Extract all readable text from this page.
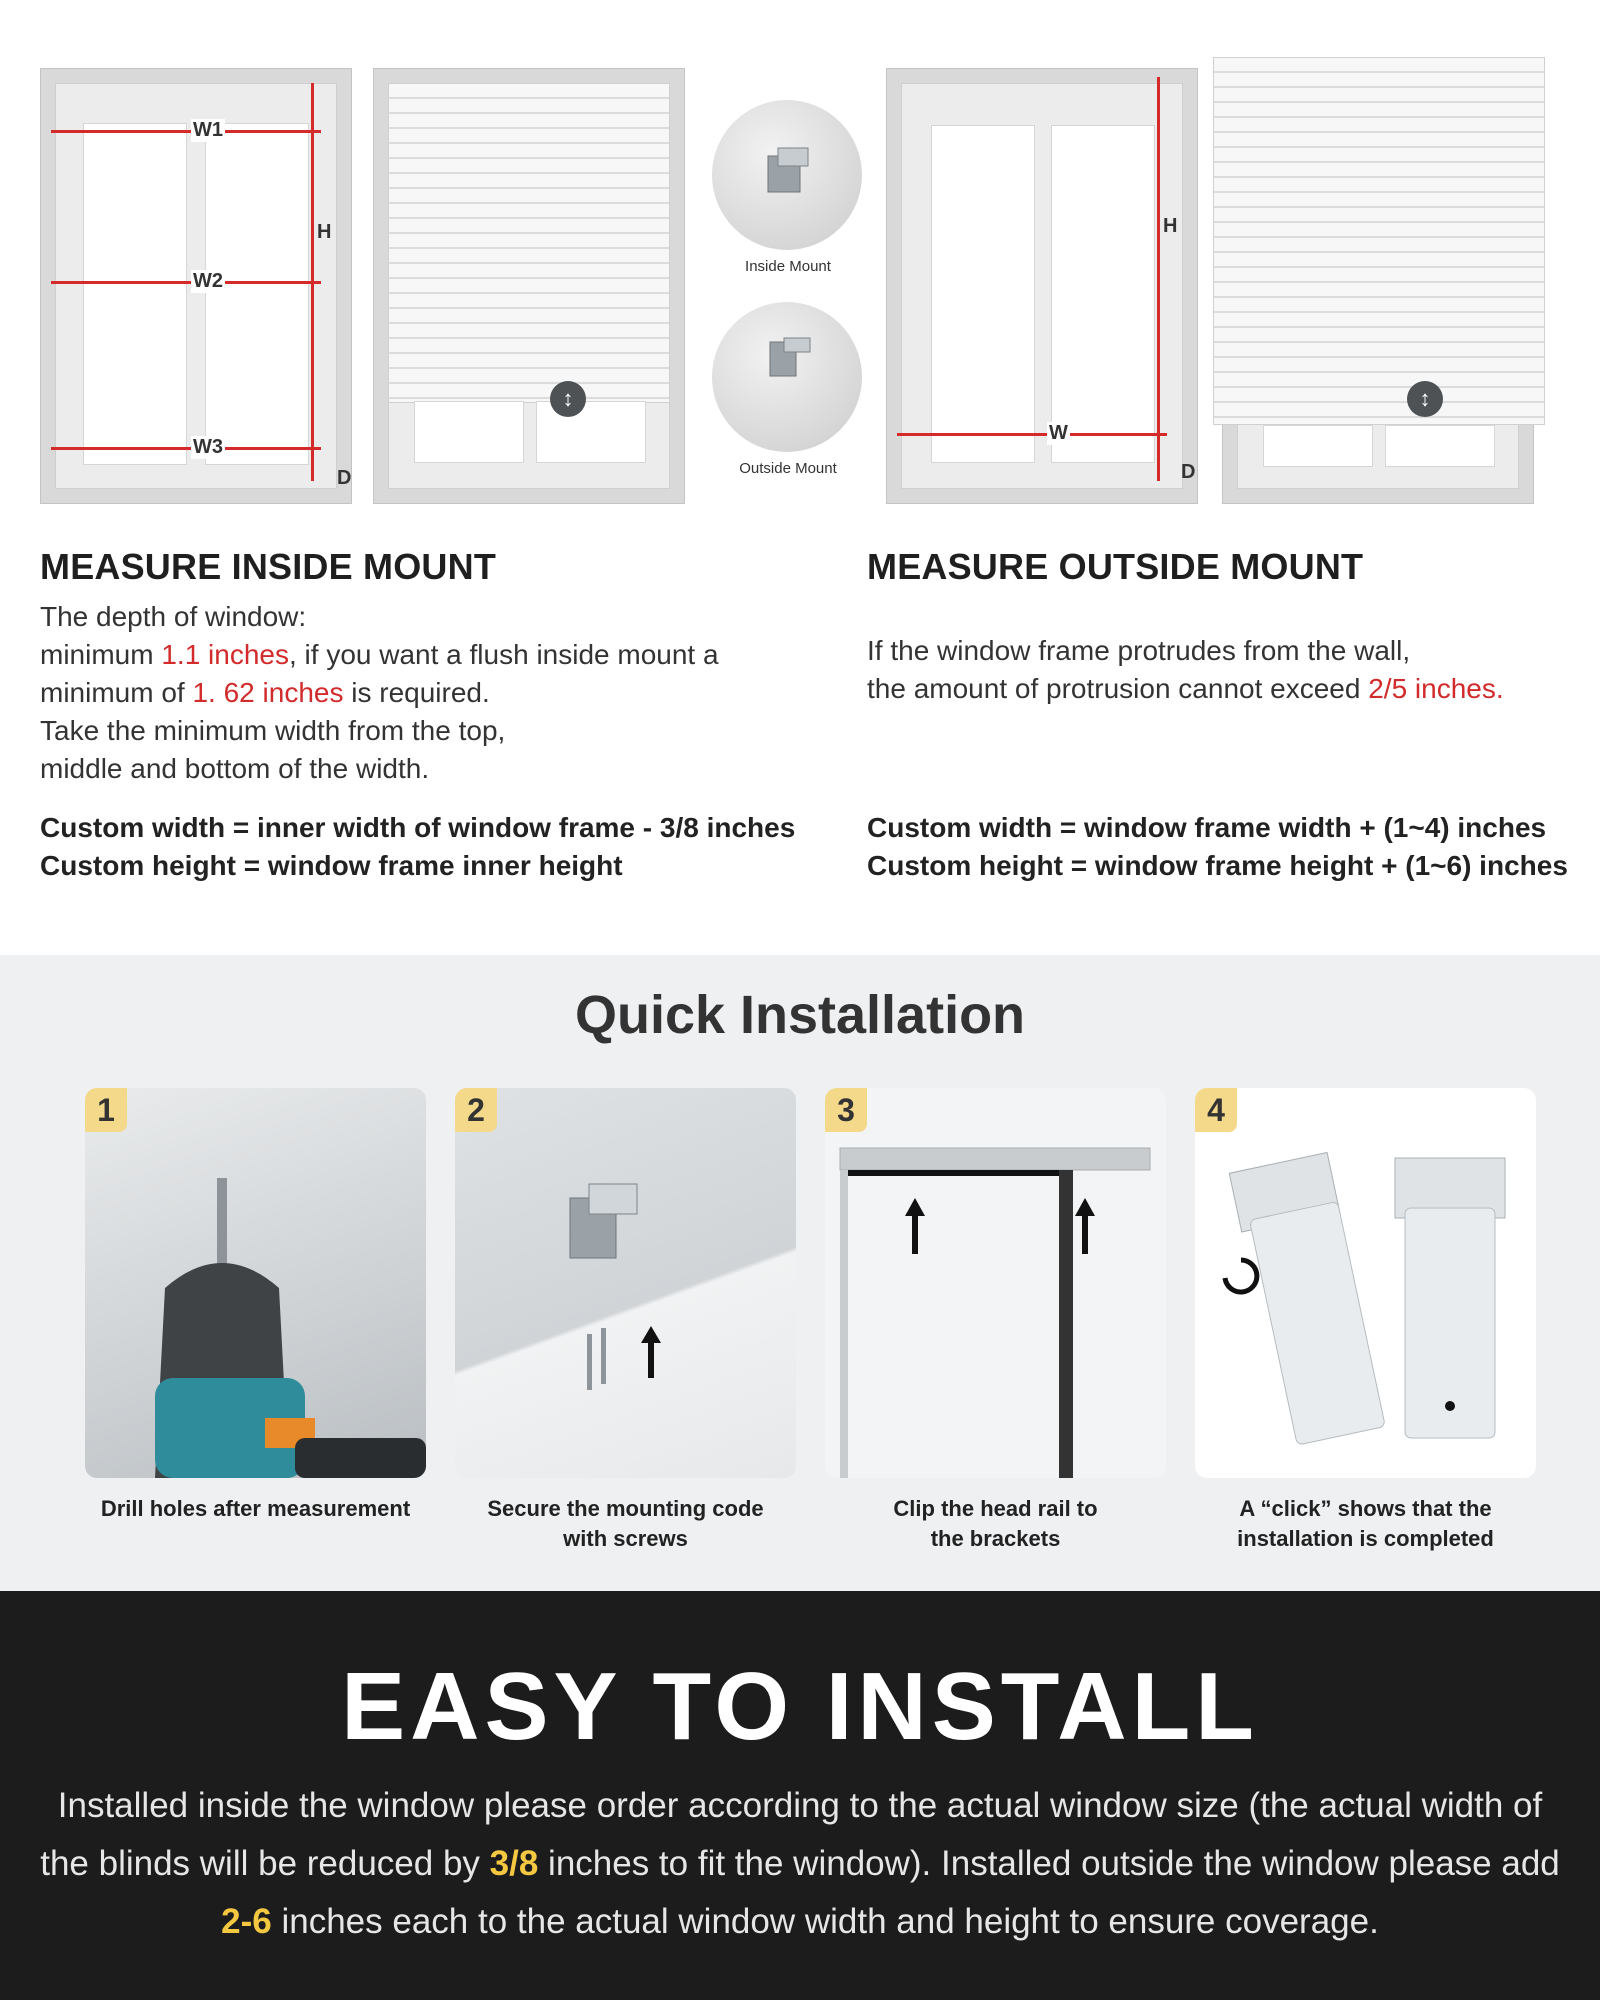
W1
W2
W3
H
D
↕
Inside Mount
Outside Mount
W
H
D
↕
MEASURE INSIDE MOUNT
The depth of window:
minimum 1.1 inches, if you want a flush inside mount a
minimum of 1. 62 inches is required.
Take the minimum width from the top,
middle and bottom of the width.
Custom width = inner width of window frame - 3/8 inches
Custom height = window frame inner height
MEASURE OUTSIDE MOUNT
If the window frame protrudes from the wall,
the amount of protrusion cannot exceed 2/5 inches.
Custom width = window frame width + (1~4) inches
Custom height = window frame height + (1~6) inches
Quick Installation
1
Drill holes after measurement
2
Secure the mounting code
with screws
3
Clip the head rail to
the brackets
4
A “click” shows that the
installation is completed
EASY TO INSTALL
Installed inside the window please order according to the actual window size (the actual width of the blinds will be reduced by 3/8 inches to fit the window). Installed outside the window please add 2-6 inches each to the actual window width and height to ensure coverage.
